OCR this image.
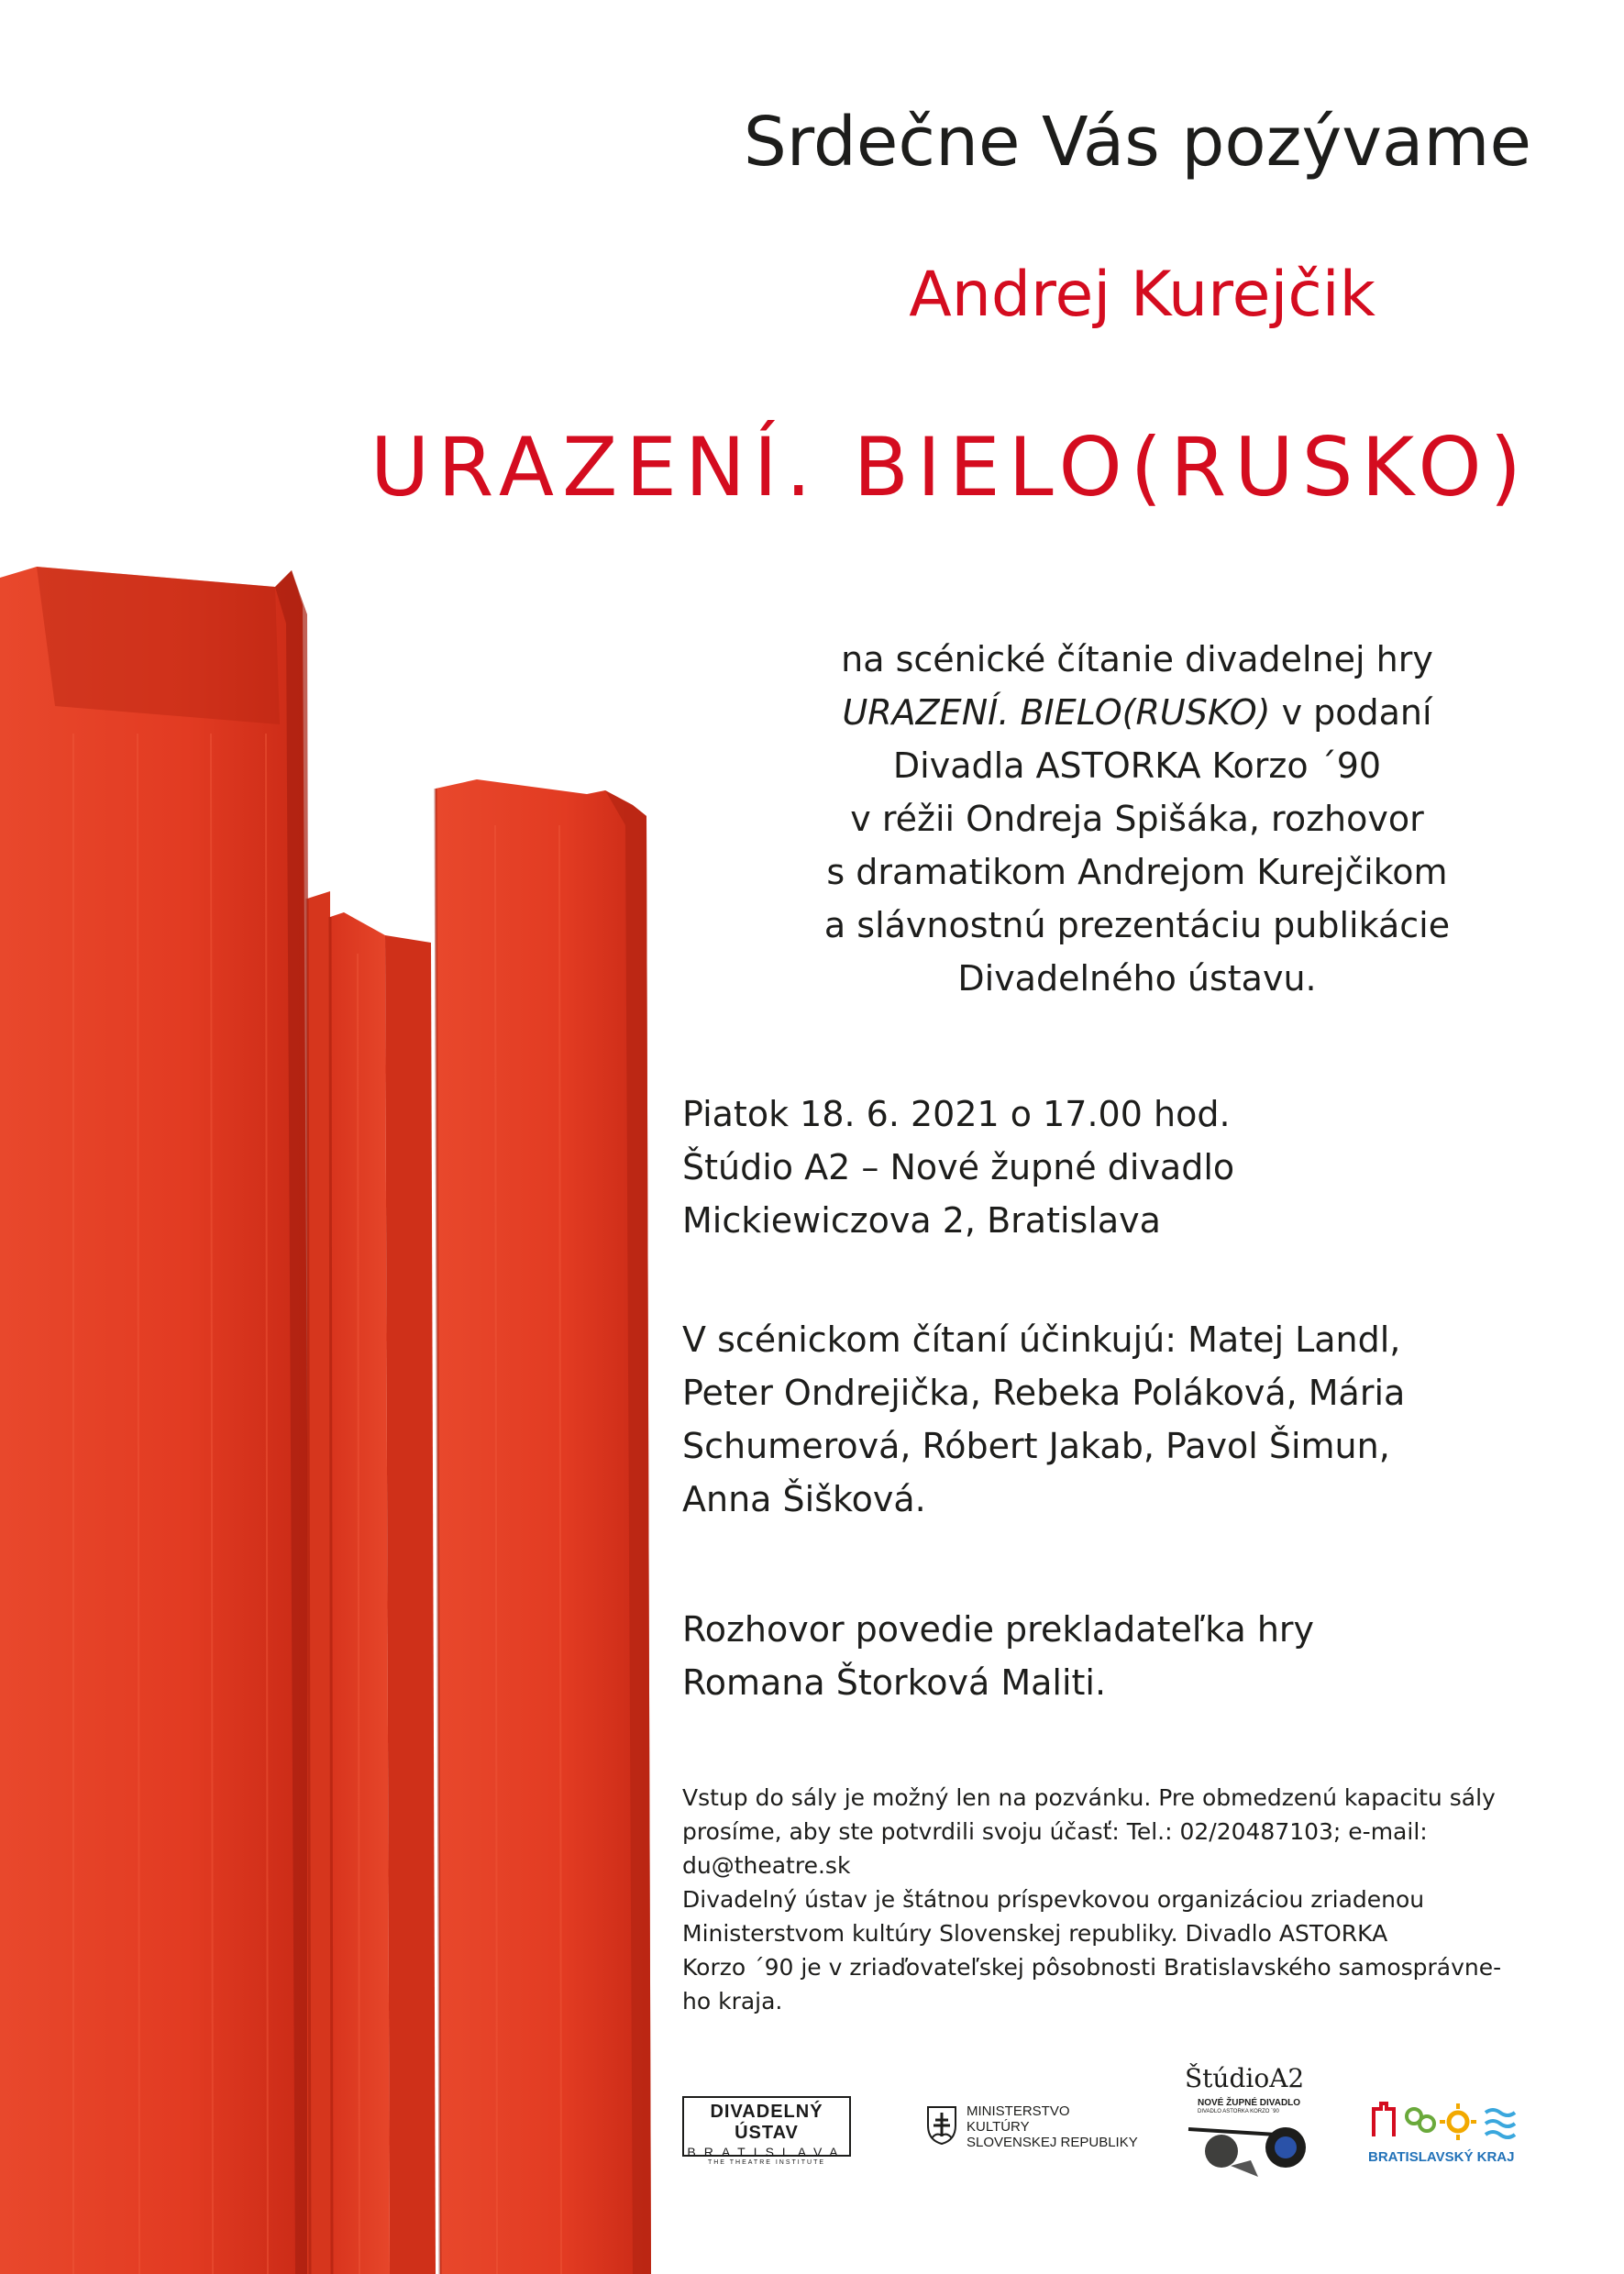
Srdečne Vás pozývame
Andrej Kurejčik
URAZENÍ. BIELO(RUSKO)
na scénické čítanie divadelnej hry
URAZENÍ. BIELO(RUSKO) v podaní
Divadla ASTORKA Korzo ´90
v réžii Ondreja Spišáka, rozhovor
s dramatikom Andrejom Kurejčikom
a slávnostnú prezentáciu publikácie
Divadelného ústavu.
Piatok 18. 6. 2021 o 17.00 hod.
Štúdio A2 – Nové župné divadlo
Mickiewiczova 2, Bratislava
V scénickom čítaní účinkujú: Matej Landl,
Peter Ondrejička, Rebeka Poláková, Mária
Schumerová, Róbert Jakab, Pavol Šimun,
Anna Šišková.
Rozhovor povedie prekladateľka hry
Romana Štorková Maliti.
Vstup do sály je možný len na pozvánku. Pre obmedzenú kapacitu sály
prosíme, aby ste potvrdili svoju účasť: Tel.: 02/20487103; e-mail:
du@theatre.sk
Divadelný ústav je štátnou príspevkovou organizáciou zriadenou
Ministerstvom kultúry Slovenskej republiky. Divadlo ASTORKA
Korzo ´90 je v zriaďovateľskej pôsobnosti Bratislavského samosprávne-
ho kraja.
DIVADELNÝ ÚSTAV
BRATISLAVA
THE THEATRE INSTITUTE
MINISTERSTVO
KULTÚRY
SLOVENSKEJ REPUBLIKY
ŠtúdioA2
NOVÉ ŽUPNÉ DIVADLO
DIVADLO ASTORKA KORZO ´90
BRATISLAVSKÝ KRAJ
